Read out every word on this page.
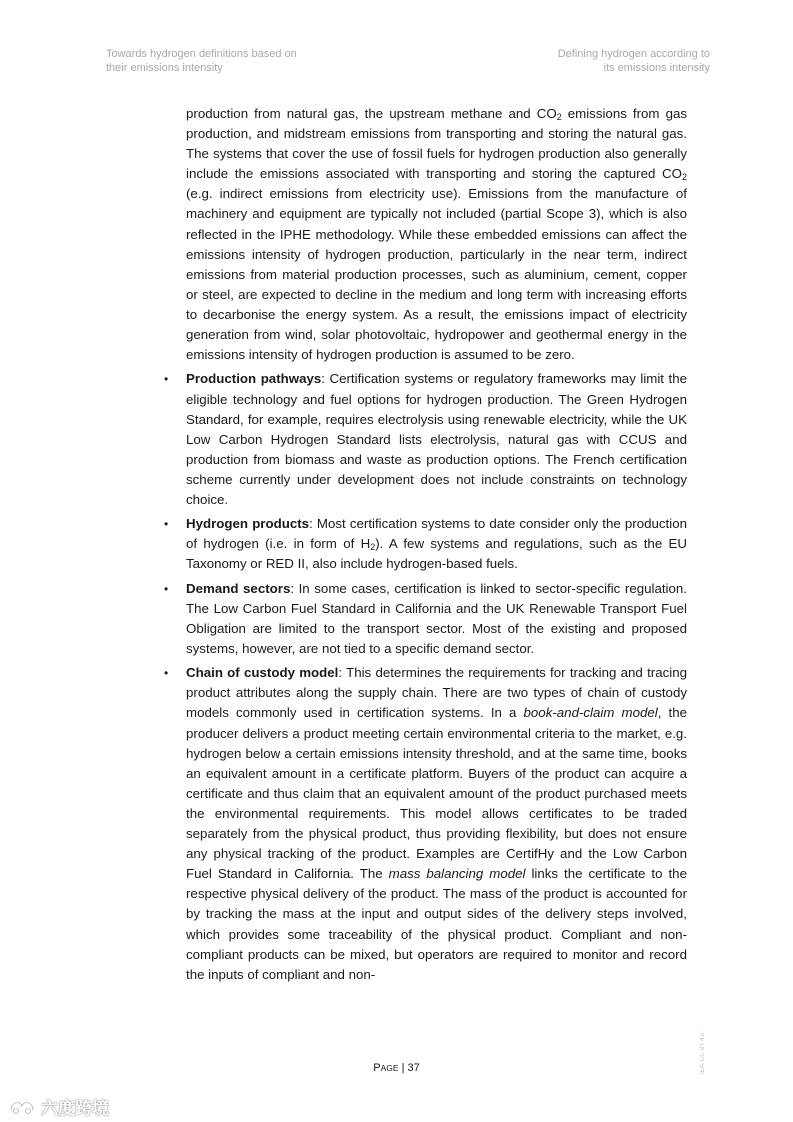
Towards hydrogen definitions based on
their emissions intensity
Defining hydrogen according to
its emissions intensity

production from natural gas, the upstream methane and $CO_2$ emissions from gas production, and midstream emissions from transporting and storing the natural gas. The systems that cover the use of fossil fuels for hydrogen production also generally include the emissions associated with transporting and storing the captured $CO_2$ (e.g. indirect emissions from electricity use). Emissions from the manufacture of machinery and equipment are typically not included (partial Scope 3), which is also reflected in the IPHE methodology. While these embedded emissions can affect the emissions intensity of hydrogen production, particularly in the near term, indirect emissions from material production processes, such as aluminium, cement, copper or steel, are expected to decline in the medium and long term with increasing efforts to decarbonise the energy system. As a result, the emissions impact of electricity generation from wind, solar photovoltaic, hydropower and geothermal energy in the emissions intensity of hydrogen production is assumed to be zero.

• Production pathways: Certification systems or regulatory frameworks may limit the eligible technology and fuel options for hydrogen production. The Green Hydrogen Standard, for example, requires electrolysis using renewable electricity, while the UK Low Carbon Hydrogen Standard lists electrolysis, natural gas with CCUS and production from biomass and waste as production options. The French certification scheme currently under development does not include constraints on technology choice.
• Hydrogen products: Most certification systems to date consider only the production of hydrogen (i.e. in form of $H_2$). A few systems and regulations, such as the EU Taxonomy or RED II, also include hydrogen-based fuels.
• Demand sectors: In some cases, certification is linked to sector-specific regulation. The Low Carbon Fuel Standard in California and the UK Renewable Transport Fuel Obligation are limited to the transport sector. Most of the existing and proposed systems, however, are not tied to a specific demand sector.
• Chain of custody model: This determines the requirements for tracking and tracing product attributes along the supply chain. There are two types of chain of custody models commonly used in certification systems. In a book-and-claim model, the producer delivers a product meeting certain environmental criteria to the market, e.g. hydrogen below a certain emissions intensity threshold, and at the same time, books an equivalent amount in a certificate platform. Buyers of the product can acquire a certificate and thus claim that an equivalent amount of the product purchased meets the environmental requirements. This model allows certificates to be traded separately from the physical product, thus providing flexibility, but does not ensure any physical tracking of the product. Examples are CertifHy and the Low Carbon Fuel Standard in California. The mass balancing model links the certificate to the respective physical delivery of the product. The mass of the product is accounted for by tracking the mass at the input and output sides of the delivery steps involved, which provides some traceability of the physical product. Compliant and non-compliant products can be mixed, but operators are required to monitor and record the inputs of compliant and non-
PAGE | 37	IEA. CC BY 4.0.
六度跨境
